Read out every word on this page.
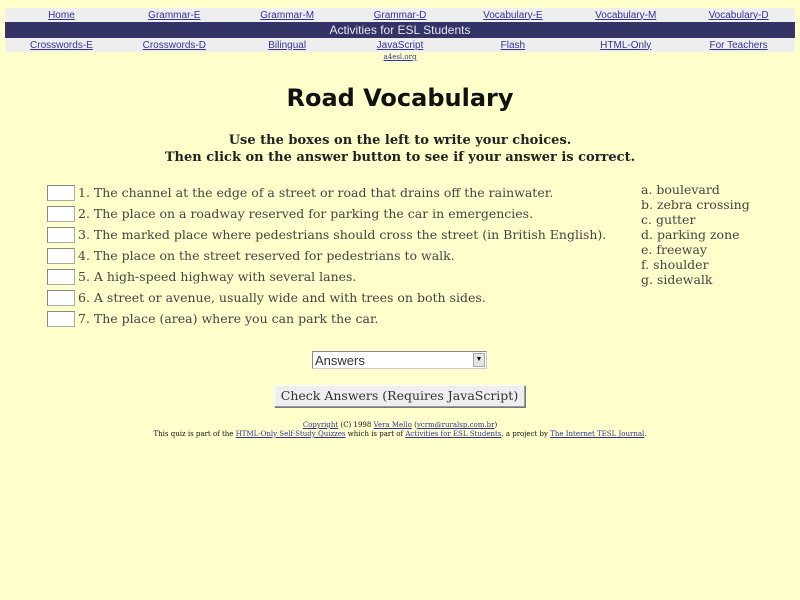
Home	Grammar-E	Grammar-M	Grammar-D	Vocabulary-E	Vocabulary-M	Vocabulary-D
Activities for ESL Students
Crosswords-E	Crosswords-D	Bilingual	JavaScript	Flash	HTML-Only	For Teachers
a4esl.org
Road Vocabulary
Use the boxes on the left to write your choices.
Then click on the answer button to see if your answer is correct.
1. The channel at the edge of a street or road that drains off the rainwater.
2. The place on a roadway reserved for parking the car in emergencies.
3. The marked place where pedestrians should cross the street (in British English).
4. The place on the street reserved for pedestrians to walk.
5. A high-speed highway with several lanes.
6. A street or avenue, usually wide and with trees on both sides.
7. The place (area) where you can park the car.
a. boulevard
b. zebra crossing
c. gutter
d. parking zone
e. freeway
f. shoulder
g. sidewalk
Answers	▼
Check Answers (Requires JavaScript)
Copyright (C) 1998 Vera Mello (vcrm@ruralsp.com.br)
This quiz is part of the HTML-Only Self-Study Quizzes which is part of Activities for ESL Students, a project by The Internet TESL Journal.
